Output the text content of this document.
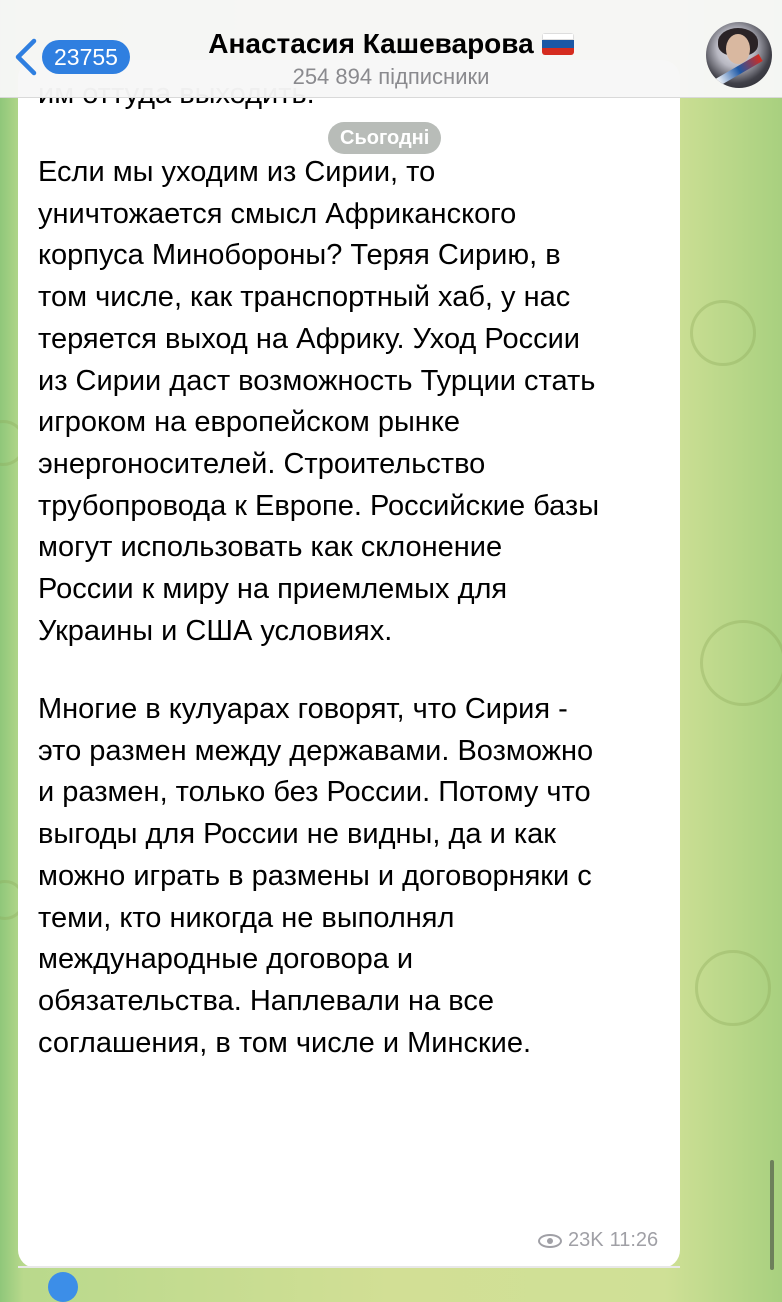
23755	Анастасия Кашеварова
254 894 підписники
Сьогодні
Если мы уходим из Сирии, то
уничтожается смысл Африканского
корпуса Минобороны? Теряя Сирию, в
том числе, как транспортный хаб, у нас
теряется выход на Африку. Уход России
из Сирии даст возможность Турции стать
игроком на европейском рынке
энергоносителей. Строительство
трубопровода к Европе. Российские базы
могут использовать как склонение
России к миру на приемлемых для
Украины и США условиях.
Многие в кулуарах говорят, что Сирия -
это размен между державами. Возможно
и размен, только без России. Потому что
выгоды для России не видны, да и как
можно играть в размены и договорняки с
теми, кто никогда не выполнял
международные договора и
обязательства. Наплевали на все
соглашения, в том числе и Минские.
23K 11:26
